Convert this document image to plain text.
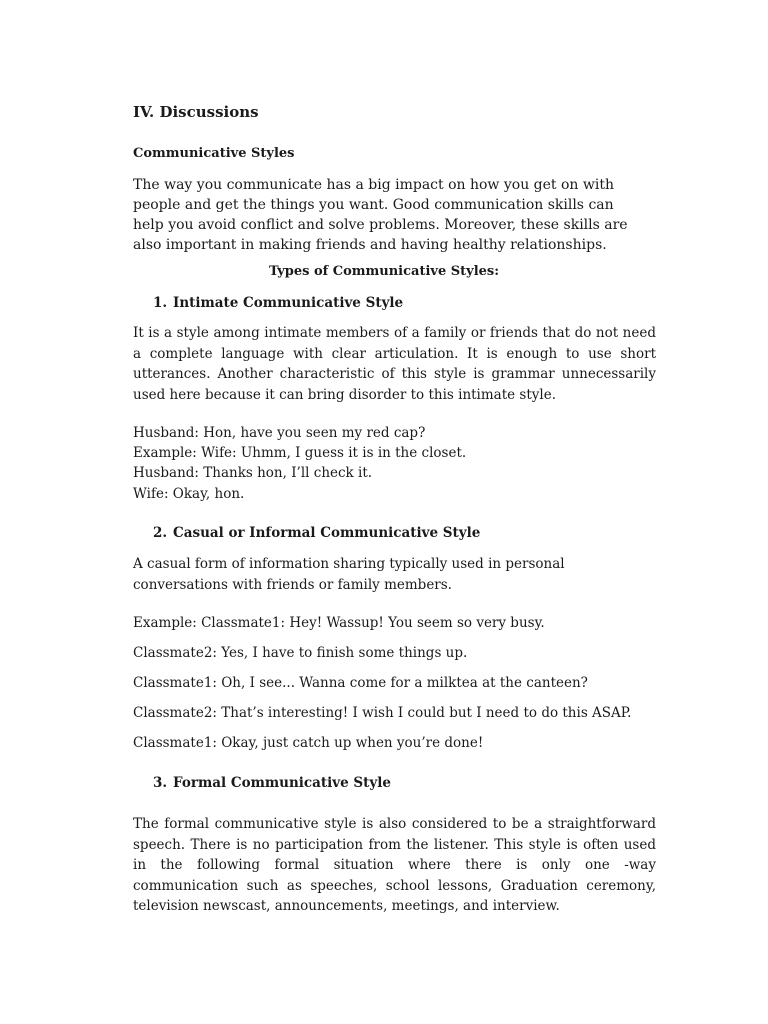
IV. Discussions
Communicative Styles
The way you communicate has a big impact on how you get on with people and get the things you want. Good communication skills can help you avoid conflict and solve problems. Moreover, these skills are also important in making friends and having healthy relationships.
Types of Communicative Styles:
1. Intimate Communicative Style
It is a style among intimate members of a family or friends that do not need a complete language with clear articulation. It is enough to use short utterances. Another characteristic of this style is grammar unnecessarily used here because it can bring disorder to this intimate style.
Husband: Hon, have you seen my red cap?
Example: Wife: Uhmm, I guess it is in the closet.
Husband: Thanks hon, I’ll check it.
Wife: Okay, hon.
2. Casual or Informal Communicative Style
A casual form of information sharing typically used in personal conversations with friends or family members.
Example: Classmate1: Hey! Wassup! You seem so very busy.
Classmate2: Yes, I have to finish some things up.
Classmate1: Oh, I see... Wanna come for a milktea at the canteen?
Classmate2: That’s interesting! I wish I could but I need to do this ASAP.
Classmate1: Okay, just catch up when you’re done!
3. Formal Communicative Style
The formal communicative style is also considered to be a straightforward speech. There is no participation from the listener. This style is often used in the following formal situation where there is only one -way communication such as speeches, school lessons, Graduation ceremony, television newscast, announcements, meetings, and interview.
